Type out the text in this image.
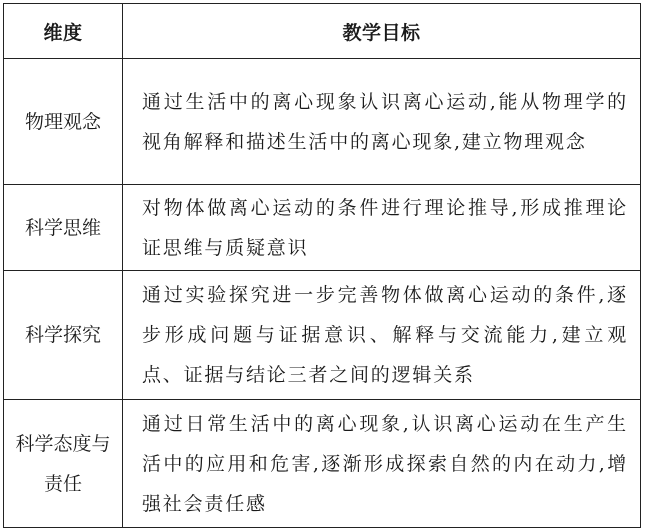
维度	教学目标
物理观念	通过生活中的离心现象认识离心运动,能从物理学的视角解释和描述生活中的离心现象,建立物理观念
科学思维	对物体做离心运动的条件进行理论推导,形成推理论证思维与质疑意识
科学探究	通过实验探究进一步完善物体做离心运动的条件,逐步形成问题与证据意识、解释与交流能力,建立观点、证据与结论三者之间的逻辑关系
科学态度与责任	通过日常生活中的离心现象,认识离心运动在生产生活中的应用和危害,逐渐形成探索自然的内在动力,增强社会责任感
